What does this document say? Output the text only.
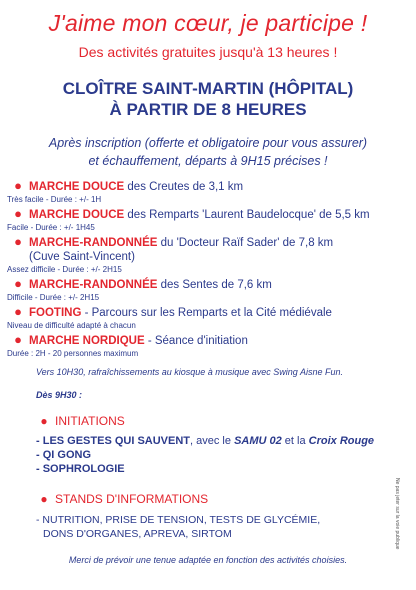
J'aime mon cœur, je participe !
Des activités gratuites jusqu'à 13 heures !
CLOÎTRE SAINT-MARTIN (HÔPITAL)
À PARTIR DE 8 HEURES
Après inscription (offerte et obligatoire pour vous assurer)
et échauffement, départs à 9H15 précises !
● MARCHE DOUCE des Creutes de 3,1 km
Très facile - Durée : +/- 1H
● MARCHE DOUCE des Remparts 'Laurent Baudelocque' de 5,5 km
Facile - Durée : +/- 1H45
● MARCHE-RANDONNÉE du 'Docteur Raïf Sader' de 7,8 km
(Cuve Saint-Vincent)
Assez difficile - Durée : +/- 2H15
● MARCHE-RANDONNÉE des Sentes de 7,6 km
Difficile - Durée : +/- 2H15
● FOOTING - Parcours sur les Remparts et la Cité médiévale
Niveau de difficulté adapté à chacun
● MARCHE NORDIQUE - Séance d'initiation
Durée : 2H - 20 personnes maximum
Vers 10H30, rafraîchissements au kiosque à musique avec Swing Aisne Fun.
Dès 9H30 :
● INITIATIONS
- LES GESTES QUI SAUVENT, avec le SAMU 02 et la Croix Rouge
- QI GONG
- SOPHROLOGIE
● STANDS D'INFORMATIONS
- NUTRITION, PRISE DE TENSION, TESTS DE GLYCÉMIE,
DONS D'ORGANES, APREVA, SIRTOM
Merci de prévoir une tenue adaptée en fonction des activités choisies.
Ne pas jeter sur la voie publique
